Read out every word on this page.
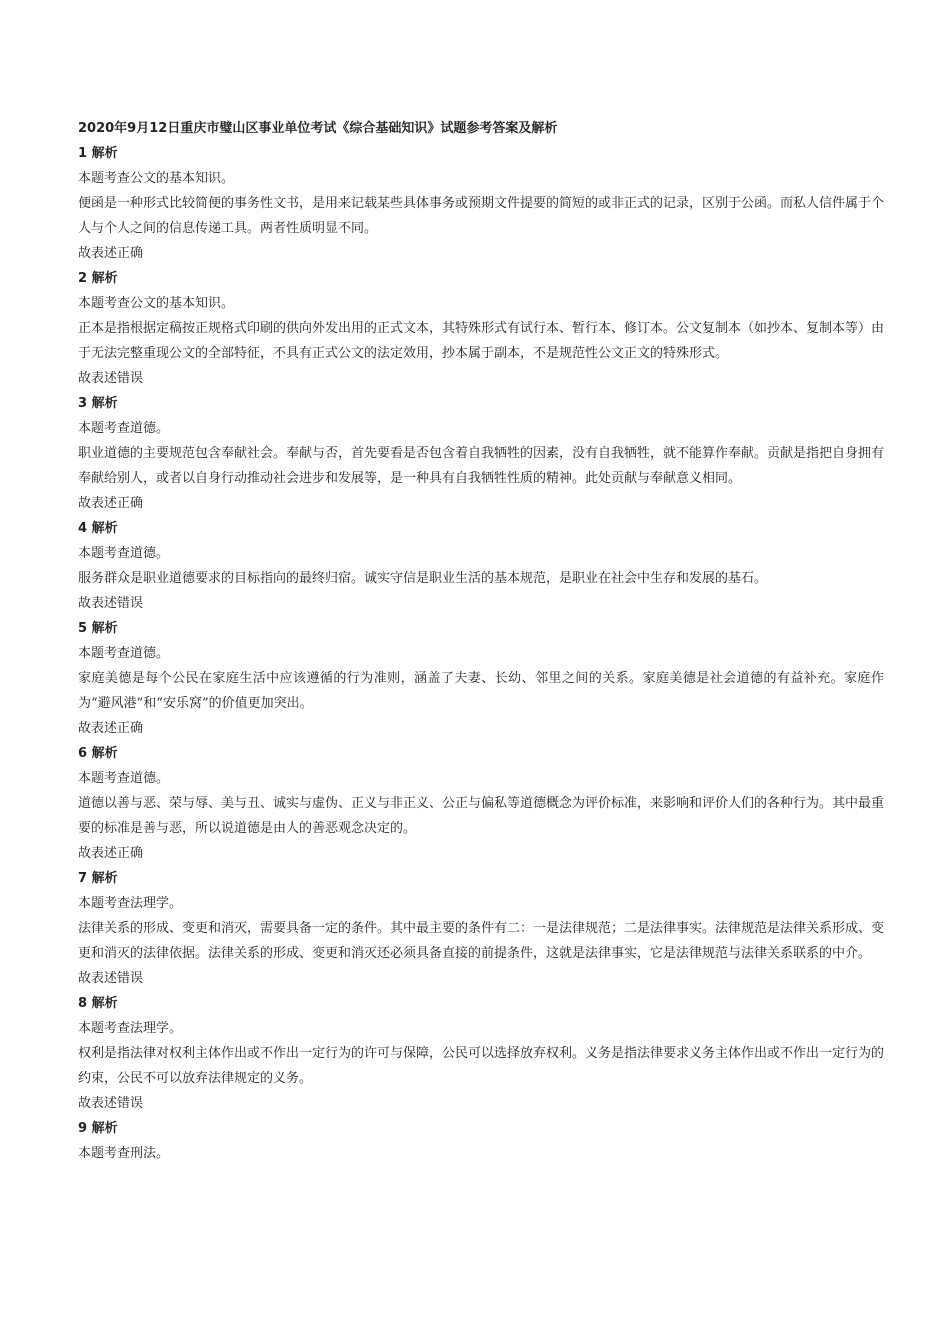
2020年9月12日重庆市璧山区事业单位考试《综合基础知识》试题参考答案及解析

1 解析

本题考查公文的基本知识。

便函是一种形式比较简便的事务性文书，是用来记载某些具体事务或预期文件提要的简短的或非正式的记录，区别于公函。而私人信件属于个人与个人之间的信息传递工具。两者性质明显不同。

故表述正确

2 解析

本题考查公文的基本知识。

正本是指根据定稿按正规格式印刷的供向外发出用的正式文本，其特殊形式有试行本、暂行本、修订本。公文复制本（如抄本、复制本等）由于无法完整重现公文的全部特征，不具有正式公文的法定效用，抄本属于副本，不是规范性公文正文的特殊形式。

故表述错误

3 解析

本题考查道德。

职业道德的主要规范包含奉献社会。奉献与否，首先要看是否包含着自我牺牲的因素，没有自我牺牲，就不能算作奉献。贡献是指把自身拥有奉献给别人，或者以自身行动推动社会进步和发展等，是一种具有自我牺牲性质的精神。此处贡献与奉献意义相同。

故表述正确

4 解析

本题考查道德。

服务群众是职业道德要求的目标指向的最终归宿。诚实守信是职业生活的基本规范，是职业在社会中生存和发展的基石。

故表述错误

5 解析

本题考查道德。

家庭美德是每个公民在家庭生活中应该遵循的行为准则，涵盖了夫妻、长幼、邻里之间的关系。家庭美德是社会道德的有益补充。家庭作为“避风港”和“安乐窝”的价值更加突出。

故表述正确

6 解析

本题考查道德。

道德以善与恶、荣与辱、美与丑、诚实与虚伪、正义与非正义、公正与偏私等道德概念为评价标准，来影响和评价人们的各种行为。其中最重要的标准是善与恶，所以说道德是由人的善恶观念决定的。

故表述正确

7 解析

本题考查法理学。

法律关系的形成、变更和消灭，需要具备一定的条件。其中最主要的条件有二：一是法律规范；二是法律事实。法律规范是法律关系形成、变更和消灭的法律依据。法律关系的形成、变更和消灭还必须具备直接的前提条件，这就是法律事实，它是法律规范与法律关系联系的中介。

故表述错误

8 解析

本题考查法理学。

权利是指法律对权利主体作出或不作出一定行为的许可与保障，公民可以选择放弃权利。义务是指法律要求义务主体作出或不作出一定行为的约束，公民不可以放弃法律规定的义务。

故表述错误

9 解析

本题考查刑法。
